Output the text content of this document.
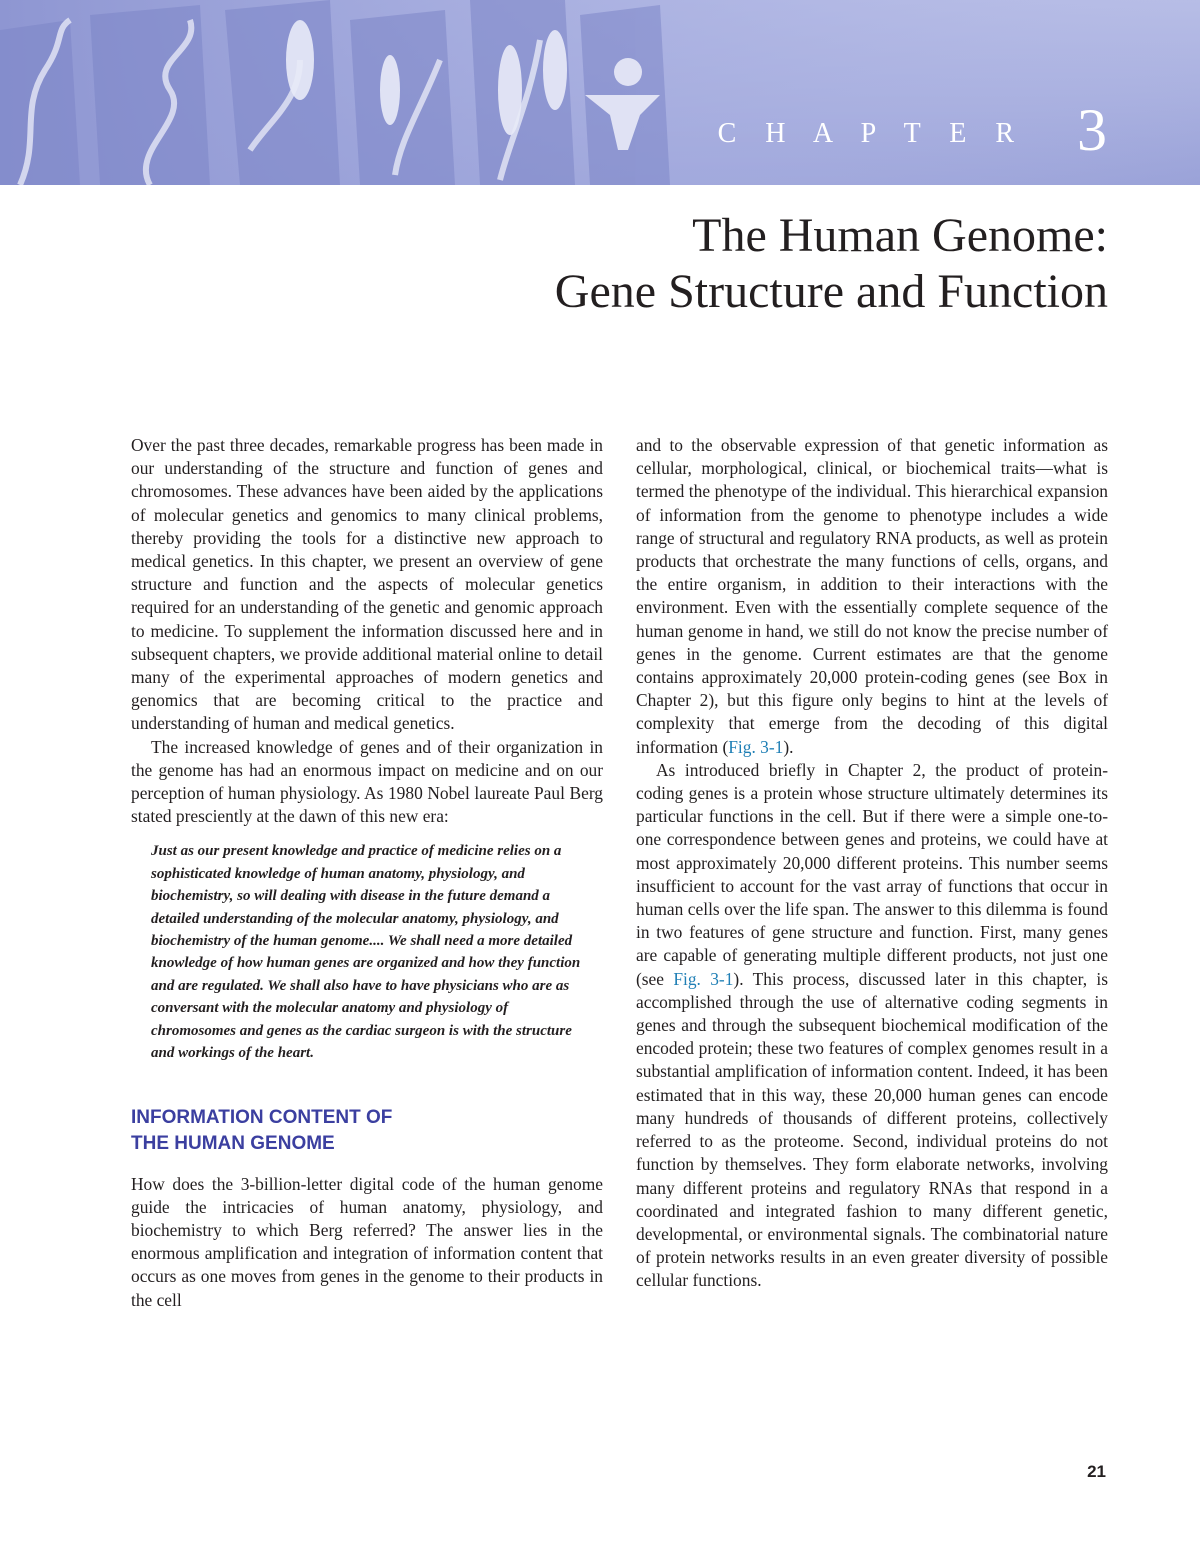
C H A P T E R 3

The Human Genome:
Gene Structure and Function

Over the past three decades, remarkable progress has been made in our understanding of the structure and function of genes and chromosomes. These advances have been aided by the applications of molecular genetics and genomics to many clinical problems, thereby providing the tools for a distinctive new approach to medical genetics. In this chapter, we present an overview of gene structure and function and the aspects of molecular genetics required for an understanding of the genetic and genomic approach to medicine. To supplement the information discussed here and in subsequent chapters, we provide additional material online to detail many of the experimental approaches of modern genetics and genomics that are becoming critical to the practice and understanding of human and medical genetics.

The increased knowledge of genes and of their organization in the genome has had an enormous impact on medicine and on our perception of human physiology. As 1980 Nobel laureate Paul Berg stated presciently at the dawn of this new era:

Just as our present knowledge and practice of medicine relies on a sophisticated knowledge of human anatomy, physiology, and biochemistry, so will dealing with disease in the future demand a detailed understanding of the molecular anatomy, physiology, and biochemistry of the human genome.... We shall need a more detailed knowledge of how human genes are organized and how they function and are regulated. We shall also have to have physicians who are as conversant with the molecular anatomy and physiology of chromosomes and genes as the cardiac surgeon is with the structure and workings of the heart.
INFORMATION CONTENT OF
THE HUMAN GENOME

How does the 3-billion-letter digital code of the human genome guide the intricacies of human anatomy, physiology, and biochemistry to which Berg referred? The answer lies in the enormous amplification and integration of information content that occurs as one moves from genes in the genome to their products in the cell

and to the observable expression of that genetic information as cellular, morphological, clinical, or biochemical traits—what is termed the phenotype of the individual. This hierarchical expansion of information from the genome to phenotype includes a wide range of structural and regulatory RNA products, as well as protein products that orchestrate the many functions of cells, organs, and the entire organism, in addition to their interactions with the environment. Even with the essentially complete sequence of the human genome in hand, we still do not know the precise number of genes in the genome. Current estimates are that the genome contains approximately 20,000 protein-coding genes (see Box in Chapter 2), but this figure only begins to hint at the levels of complexity that emerge from the decoding of this digital information (Fig. 3-1).

As introduced briefly in Chapter 2, the product of protein-coding genes is a protein whose structure ultimately determines its particular functions in the cell. But if there were a simple one-to-one correspondence between genes and proteins, we could have at most approximately 20,000 different proteins. This number seems insufficient to account for the vast array of functions that occur in human cells over the life span. The answer to this dilemma is found in two features of gene structure and function. First, many genes are capable of generating multiple different products, not just one (see Fig. 3-1). This process, discussed later in this chapter, is accomplished through the use of alternative coding segments in genes and through the subsequent biochemical modification of the encoded protein; these two features of complex genomes result in a substantial amplification of information content. Indeed, it has been estimated that in this way, these 20,000 human genes can encode many hundreds of thousands of different proteins, collectively referred to as the proteome. Second, individual proteins do not function by themselves. They form elaborate networks, involving many different proteins and regulatory RNAs that respond in a coordinated and integrated fashion to many different genetic, developmental, or environmental signals. The combinatorial nature of protein networks results in an even greater diversity of possible cellular functions.

21
